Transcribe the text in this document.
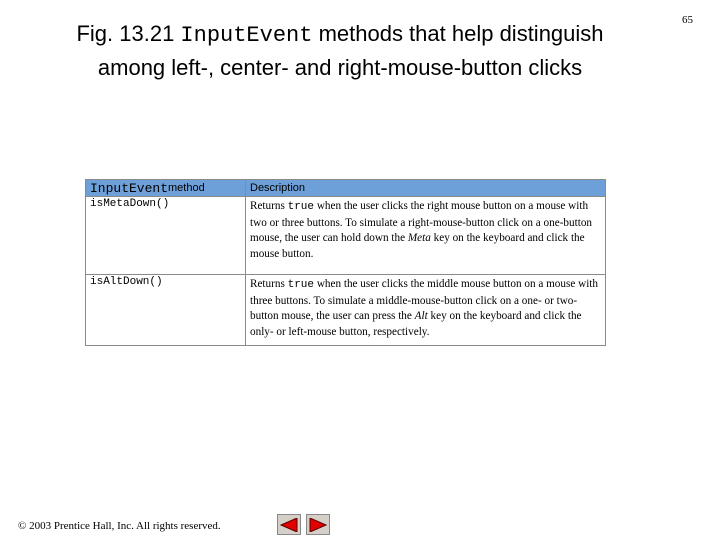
Fig. 13.21 InputEvent methods that help distinguish
among left-, center- and right-mouse-button clicks
65
InputEvent method	Description
isMetaDown()	Returns true when the user clicks the right mouse button on a mouse with two or three buttons. To simulate a right-mouse-button click on a one-button mouse, the user can hold down the Meta key on the keyboard and click the mouse button.
isAltDown()	Returns true when the user clicks the middle mouse button on a mouse with three buttons. To simulate a middle-mouse-button click on a one- or two-button mouse, the user can press the Alt key on the keyboard and click the only- or left-mouse button, respectively.
© 2003 Prentice Hall, Inc. All rights reserved.
